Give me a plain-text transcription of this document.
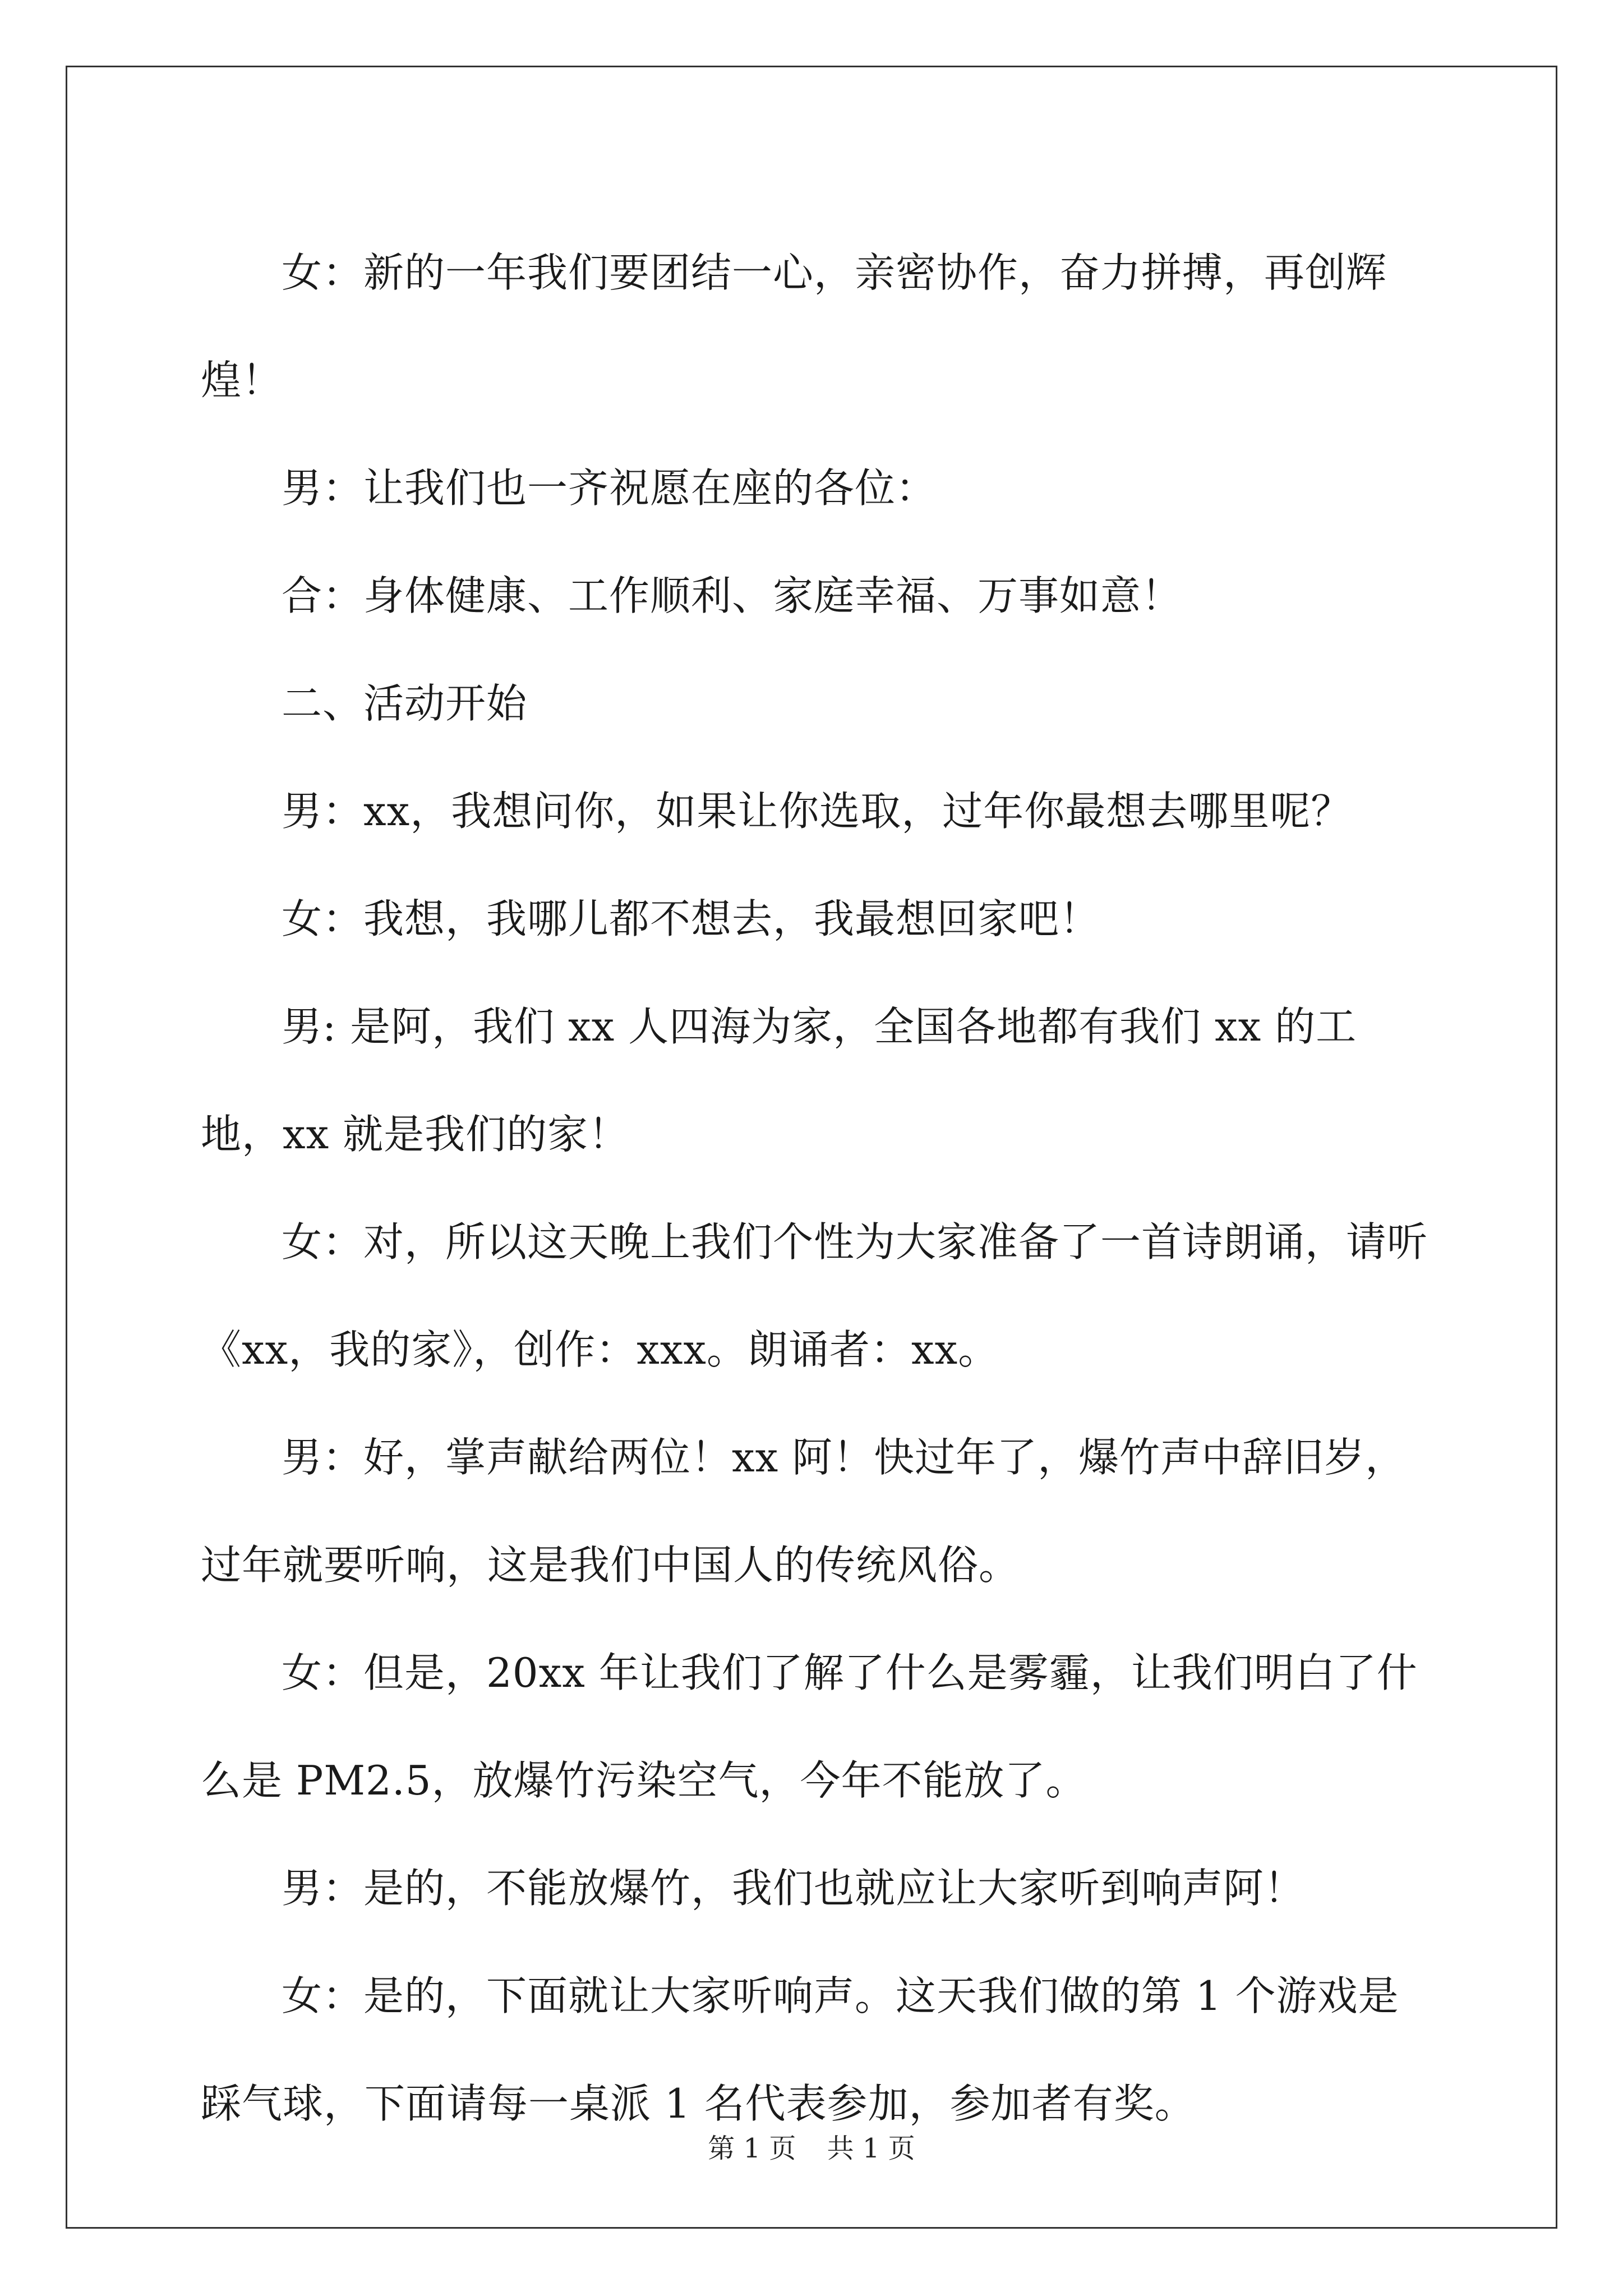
女：新的一年我们要团结一心，亲密协作，奋力拼搏，再创辉煌！

男：让我们也一齐祝愿在座的各位：

合：身体健康、工作顺利、家庭幸福、万事如意！

二、活动开始

男：xx，我想问你，如果让你选取，过年你最想去哪里呢？

女：我想，我哪儿都不想去，我最想回家吧！

男: 是阿，我们 xx 人四海为家，全国各地都有我们 xx 的工地，xx 就是我们的家！

女：对，所以这天晚上我们个性为大家准备了一首诗朗诵，请听《xx，我的家》，创作：xxx。朗诵者：xx。

男：好，掌声献给两位！xx 阿！快过年了，爆竹声中辞旧岁，过年就要听响，这是我们中国人的传统风俗。

女：但是，20xx 年让我们了解了什么是雾霾，让我们明白了什么是 PM2.5，放爆竹污染空气，今年不能放了。

男：是的，不能放爆竹，我们也就应让大家听到响声阿！

女：是的，下面就让大家听响声。这天我们做的第 1 个游戏是踩气球，下面请每一桌派 1 名代表参加，参加者有奖。

第 1 页 共 1 页
